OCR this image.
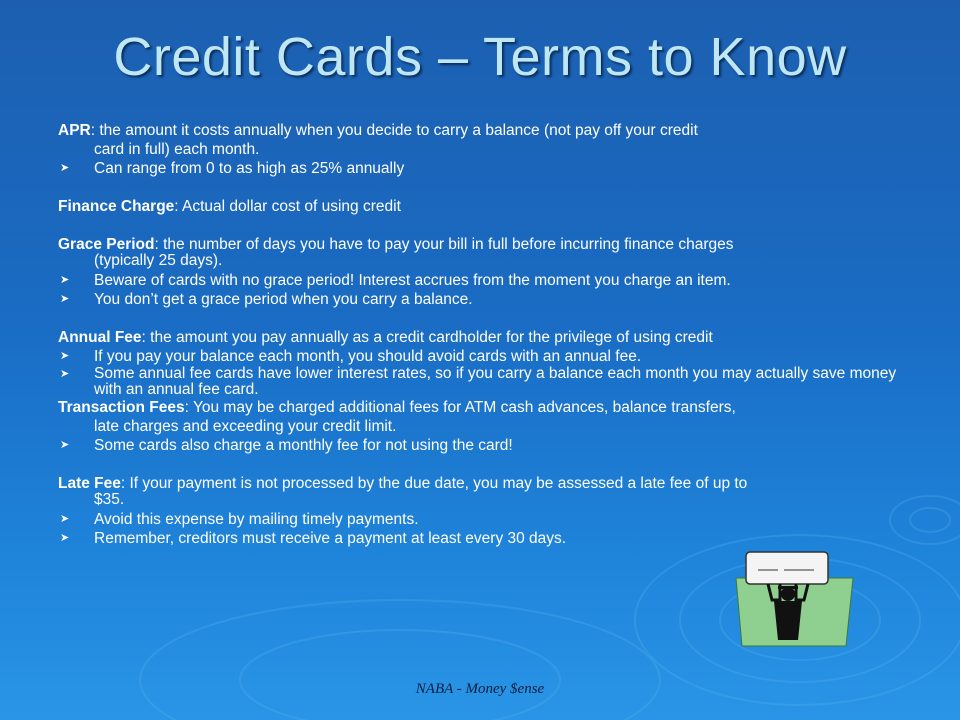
Credit Cards – Terms to Know
APR: the amount it costs annually when you decide to carry a balance (not pay off your credit
card in full) each month.
➤ Can range from 0 to as high as 25% annually
Finance Charge: Actual dollar cost of using credit
Grace Period: the number of days you have to pay your bill in full before incurring finance charges
(typically 25 days).
➤ Beware of cards with no grace period! Interest accrues from the moment you charge an item.
➤ You don’t get a grace period when you carry a balance.
Annual Fee: the amount you pay annually as a credit cardholder for the privilege of using credit
➤ If you pay your balance each month, you should avoid cards with an annual fee.
➤ Some annual fee cards have lower interest rates, so if you carry a balance each month you may actually save money with an annual fee card.
Transaction Fees: You may be charged additional fees for ATM cash advances, balance transfers,
late charges and exceeding your credit limit.
➤ Some cards also charge a monthly fee for not using the card!
Late Fee: If your payment is not processed by the due date, you may be assessed a late fee of up to
$35.
➤ Avoid this expense by mailing timely payments.
➤ Remember, creditors must receive a payment at least every 30 days.
NABA - Money $ense
